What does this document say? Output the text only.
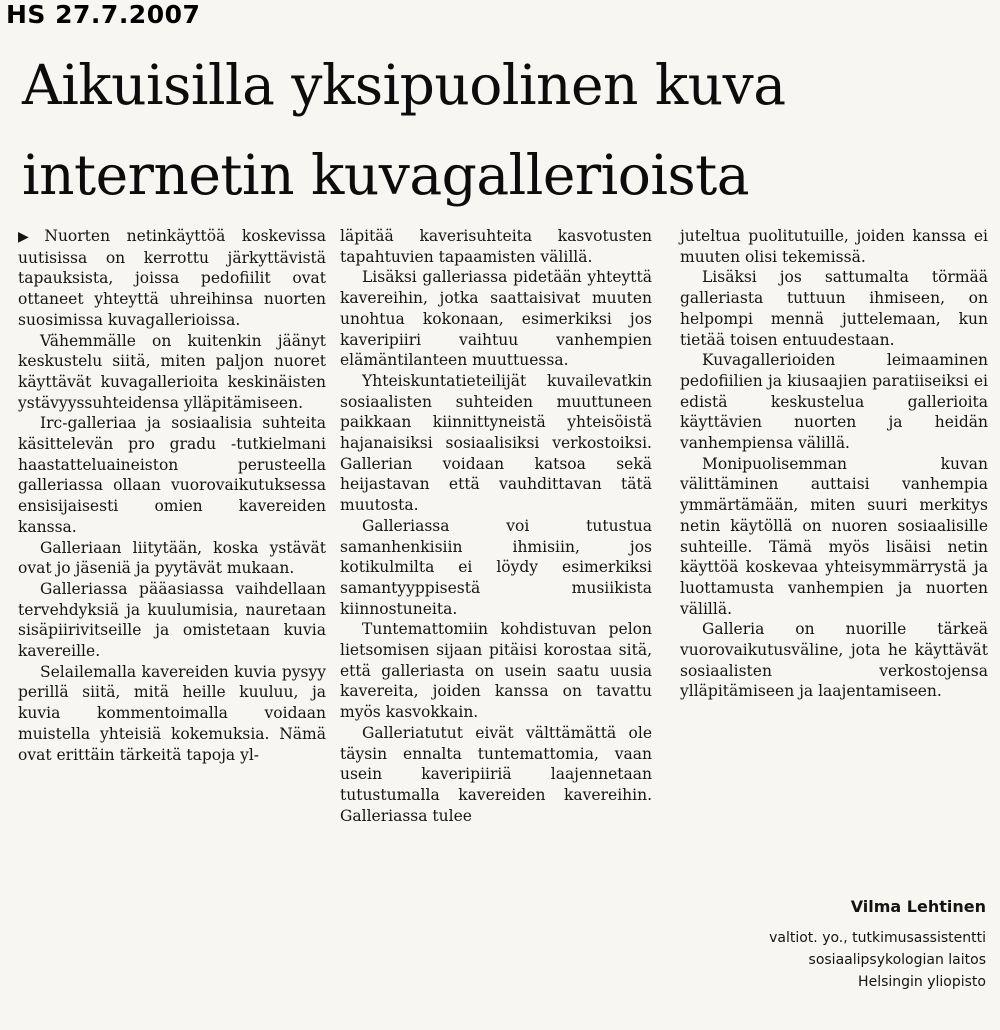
HS 27.7.2007
Aikuisilla yksipuolinen kuva
internetin kuvagallerioista

▶ Nuorten netinkäyttöä koskevissa uutisissa on kerrottu järkyttävistä tapauksista, joissa pedofiilit ovat ottaneet yhteyttä uhreihinsa nuorten suosimissa kuvagallerioissa.

Vähemmälle on kuitenkin jäänyt keskustelu siitä, miten paljon nuoret käyttävät kuvagallerioita keskinäisten ystävyyssuhteidensa ylläpitämiseen.

Irc-galleriaa ja sosiaalisia suhteita käsittelevän pro gradu -tutkielmani haastatteluaineiston perusteella galleriassa ollaan vuorovaikutuksessa ensisijaisesti omien kavereiden kanssa.

Galleriaan liitytään, koska ystävät ovat jo jäseniä ja pyytävät mukaan.

Galleriassa pääasiassa vaihdellaan tervehdyksiä ja kuulumisia, nauretaan sisäpiirivitseille ja omistetaan kuvia kavereille.

Selailemalla kavereiden kuvia pysyy perillä siitä, mitä heille kuuluu, ja kuvia kommentoimalla voidaan muistella yhteisiä kokemuksia. Nämä ovat erittäin tärkeitä tapoja yl-

läpitää kaverisuhteita kasvotusten tapahtuvien tapaamisten välillä.

Lisäksi galleriassa pidetään yhteyttä kavereihin, jotka saattaisivat muuten unohtua kokonaan, esimerkiksi jos kaveripiiri vaihtuu vanhempien elämäntilanteen muuttuessa.

Yhteiskuntatieteilijät kuvailevatkin sosiaalisten suhteiden muuttuneen paikkaan kiinnittyneistä yhteisöistä hajanaisiksi sosiaalisiksi verkostoiksi. Gallerian voidaan katsoa sekä heijastavan että vauhdittavan tätä muutosta.

Galleriassa voi tutustua samanhenkisiin ihmisiin, jos kotikulmilta ei löydy esimerkiksi samantyyppisestä musiikista kiinnostuneita.

Tuntemattomiin kohdistuvan pelon lietsomisen sijaan pitäisi korostaa sitä, että galleriasta on usein saatu uusia kavereita, joiden kanssa on tavattu myös kasvokkain.

Galleriatutut eivät välttämättä ole täysin ennalta tuntemattomia, vaan usein kaveripiiriä laajennetaan tutustumalla kavereiden kavereihin. Galleriassa tulee

juteltua puolitutuille, joiden kanssa ei muuten olisi tekemissä.

Lisäksi jos sattumalta törmää galleriasta tuttuun ihmiseen, on helpompi mennä juttelemaan, kun tietää toisen entuudestaan.

Kuvagallerioiden leimaaminen pedofiilien ja kiusaajien paratiiseiksi ei edistä keskustelua gallerioita käyttävien nuorten ja heidän vanhempiensa välillä.

Monipuolisemman kuvan välittäminen auttaisi vanhempia ymmärtämään, miten suuri merkitys netin käytöllä on nuoren sosiaalisille suhteille. Tämä myös lisäisi netin käyttöä koskevaa yhteisymmärrystä ja luottamusta vanhempien ja nuorten välillä.

Galleria on nuorille tärkeä vuorovaikutusväline, jota he käyttävät sosiaalisten verkostojensa ylläpitämiseen ja laajentamiseen.

Vilma Lehtinen
valtiot. yo., tutkimusassistentti
sosiaalipsykologian laitos
Helsingin yliopisto
